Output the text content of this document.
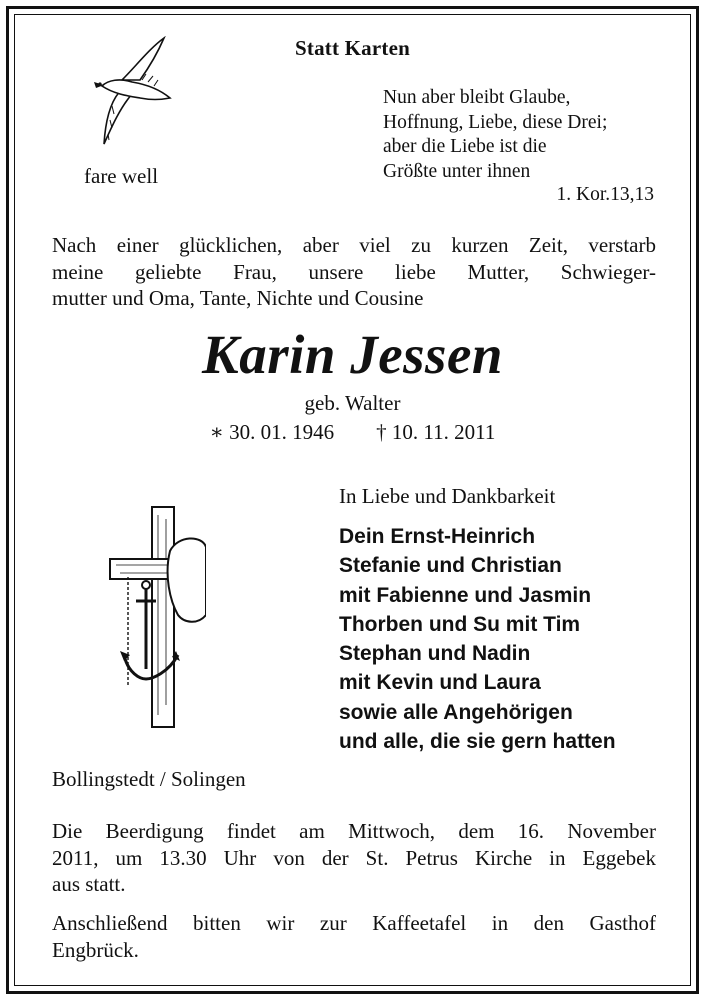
Statt Karten

fare well

Nun aber bleibt Glaube,
Hoffnung, Liebe, diese Drei;
aber die Liebe ist die
Größte unter ihnen

1. Kor.13,13

Nach einer glücklichen, aber viel zu kurzen Zeit, verstarb
meine geliebte Frau, unsere liebe Mutter, Schwieger-
mutter und Oma, Tante, Nichte und Cousine

Karin Jessen

geb. Walter

∗ 30. 01. 1946        † 10. 11. 2011

In Liebe und Dankbarkeit

Dein Ernst-Heinrich
Stefanie und Christian
mit Fabienne und Jasmin
Thorben und Su mit Tim
Stephan und Nadin
mit Kevin und Laura
sowie alle Angehörigen
und alle, die sie gern hatten

Bollingstedt / Solingen

Die Beerdigung findet am Mittwoch, dem 16. November
2011, um 13.30 Uhr von der St. Petrus Kirche in Eggebek
aus statt.
Anschließend bitten wir zur Kaffeetafel in den Gasthof
Engbrück.
